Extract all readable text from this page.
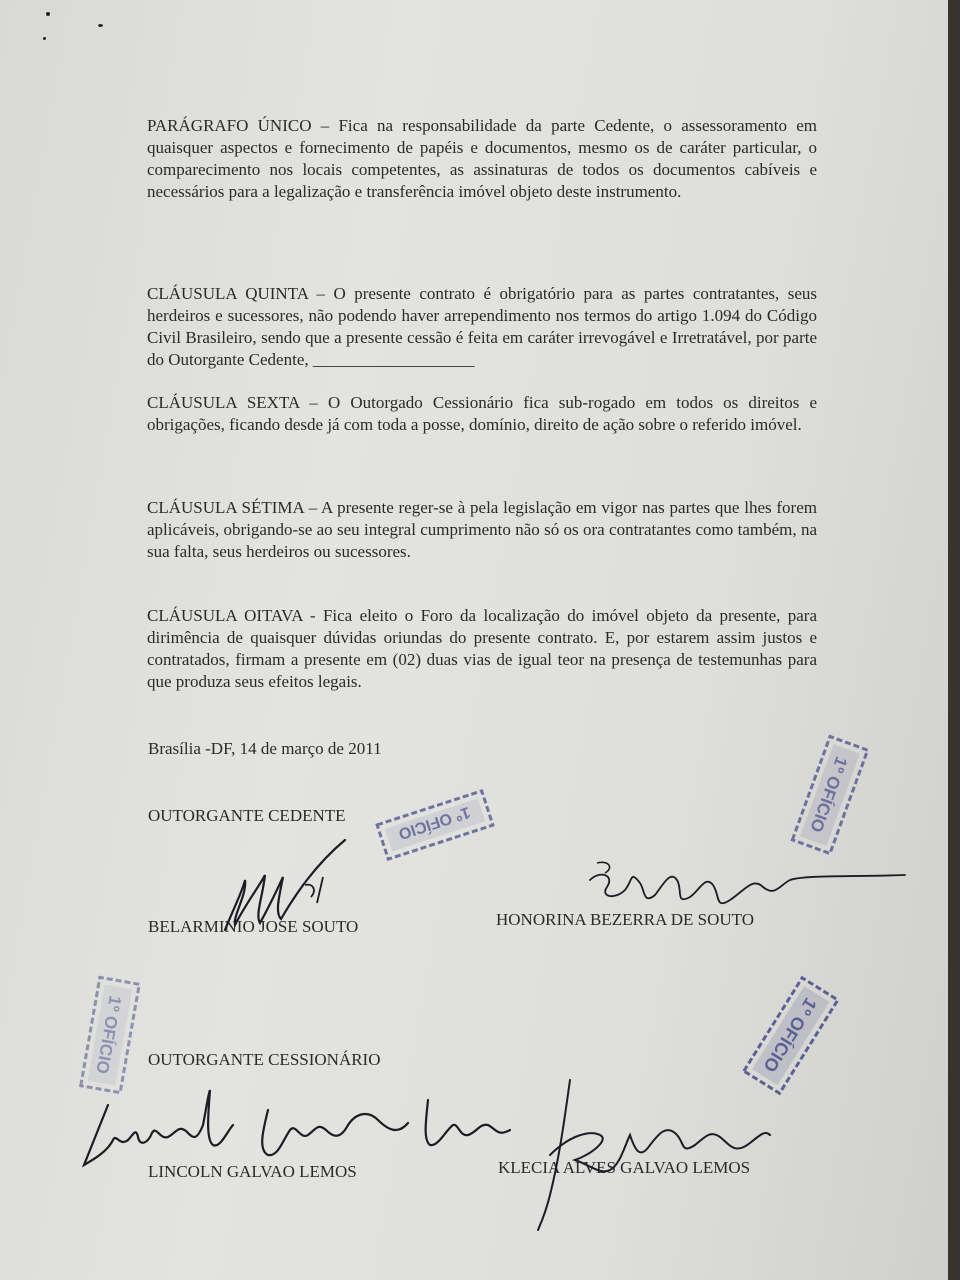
PARÁGRAFO ÚNICO – Fica na responsabilidade da parte Cedente, o assessoramento em quaisquer aspectos e fornecimento de papéis e documentos, mesmo os de caráter particular, o comparecimento nos locais competentes, as assinaturas de todos os documentos cabíveis e necessários para a legalização e transferência imóvel objeto deste instrumento.
CLÁUSULA QUINTA – O presente contrato é obrigatório para as partes contratantes, seus herdeiros e sucessores, não podendo haver arrependimento nos termos do artigo 1.094 do Código Civil Brasileiro, sendo que a presente cessão é feita em caráter irrevogável e Irretratável, por parte do Outorgante Cedente, ___________________
CLÁUSULA SEXTA – O Outorgado Cessionário fica sub-rogado em todos os direitos e obrigações, ficando desde já com toda a posse, domínio, direito de ação sobre o referido imóvel.
CLÁUSULA SÉTIMA – A presente reger-se à pela legislação em vigor nas partes que lhes forem aplicáveis, obrigando-se ao seu integral cumprimento não só os ora contratantes como também, na sua falta, seus herdeiros ou sucessores.
CLÁUSULA OITAVA - Fica eleito o Foro da localização do imóvel objeto da presente, para dirimência de quaisquer dúvidas oriundas do presente contrato. E, por estarem assim justos e contratados, firmam a presente em (02) duas vias de igual teor na presença de testemunhas para que produza seus efeitos legais.
Brasília -DF, 14 de março de 2011
OUTORGANTE CEDENTE
BELARMINIO JOSE SOUTO	HONORINA BEZERRA DE SOUTO
OUTORGANTE CESSIONÁRIO
LINCOLN GALVAO LEMOS	KLECIA ALVES GALVAO LEMOS
1º OFÍCIO	1º OFÍCIO
1º OFÍCIO	1º OFÍCIO
